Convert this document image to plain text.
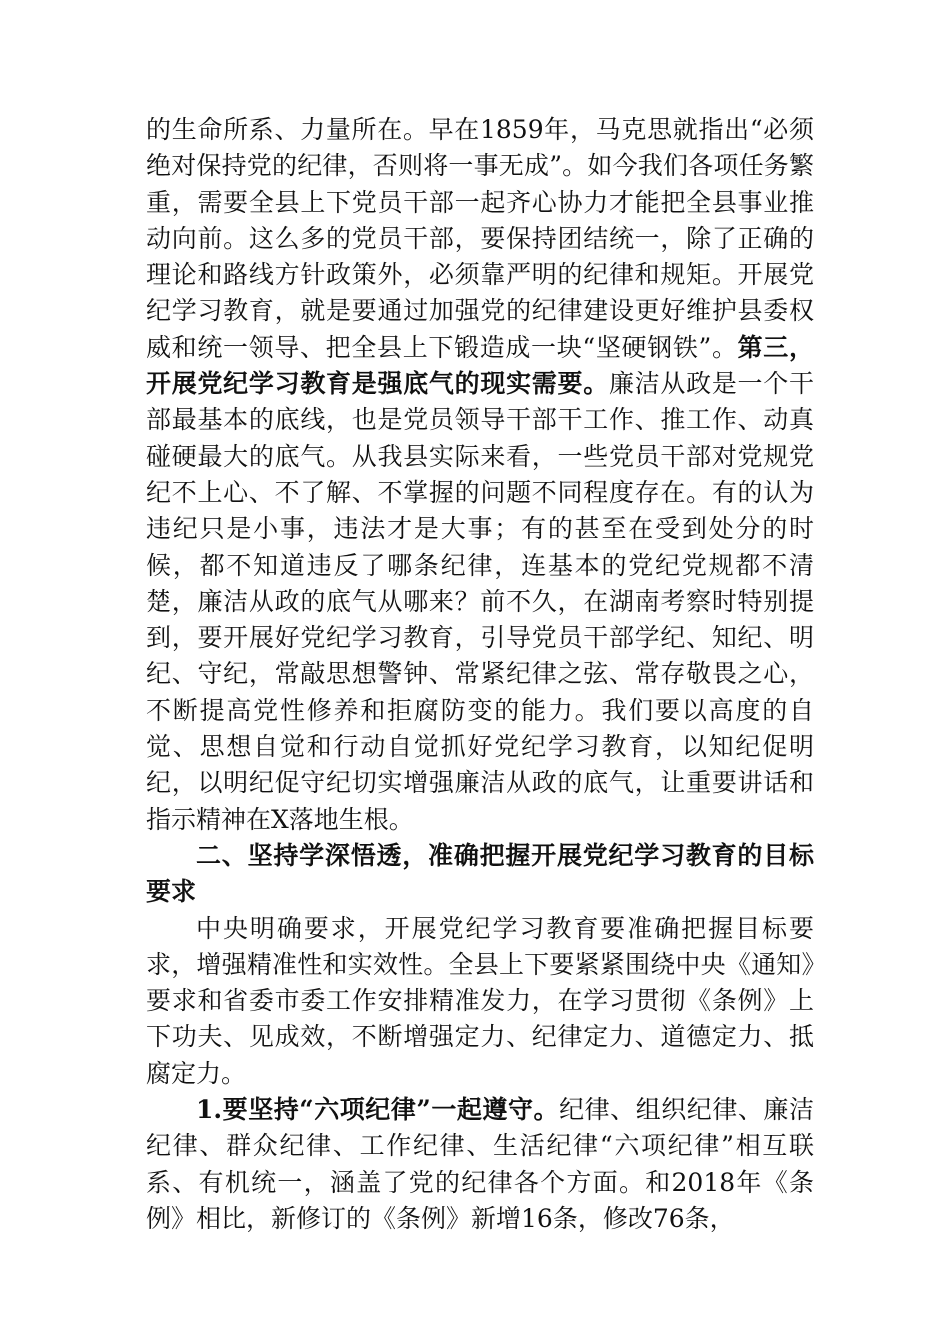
的生命所系、力量所在。早在1859年，马克思就指出“必须绝对保持党的纪律，否则将一事无成”。如今我们各项任务繁重，需要全县上下党员干部一起齐心协力才能把全县事业推动向前。这么多的党员干部，要保持团结统一，除了正确的理论和路线方针政策外，必须靠严明的纪律和规矩。开展党纪学习教育，就是要通过加强党的纪律建设更好维护县委权威和统一领导、把全县上下锻造成一块“坚硬钢铁”。第三，开展党纪学习教育是强底气的现实需要。廉洁从政是一个干部最基本的底线，也是党员领导干部干工作、推工作、动真碰硬最大的底气。从我县实际来看，一些党员干部对党规党纪不上心、不了解、不掌握的问题不同程度存在。有的认为违纪只是小事，违法才是大事；有的甚至在受到处分的时候，都不知道违反了哪条纪律，连基本的党纪党规都不清楚，廉洁从政的底气从哪来？前不久，在湖南考察时特别提到，要开展好党纪学习教育，引导党员干部学纪、知纪、明纪、守纪，常敲思想警钟、常紧纪律之弦、常存敬畏之心，不断提高党性修养和拒腐防变的能力。我们要以高度的自觉、思想自觉和行动自觉抓好党纪学习教育，以知纪促明纪，以明纪促守纪切实增强廉洁从政的底气，让重要讲话和指示精神在X落地生根。

二、坚持学深悟透，准确把握开展党纪学习教育的目标要求

中央明确要求，开展党纪学习教育要准确把握目标要求，增强精准性和实效性。全县上下要紧紧围绕中央《通知》要求和省委市委工作安排精准发力，在学习贯彻《条例》上下功夫、见成效，不断增强定力、纪律定力、道德定力、抵腐定力。

1.要坚持“六项纪律”一起遵守。纪律、组织纪律、廉洁纪律、群众纪律、工作纪律、生活纪律“六项纪律”相互联系、有机统一，涵盖了党的纪律各个方面。和2018年《条例》相比，新修订的《条例》新增16条，修改76条，
